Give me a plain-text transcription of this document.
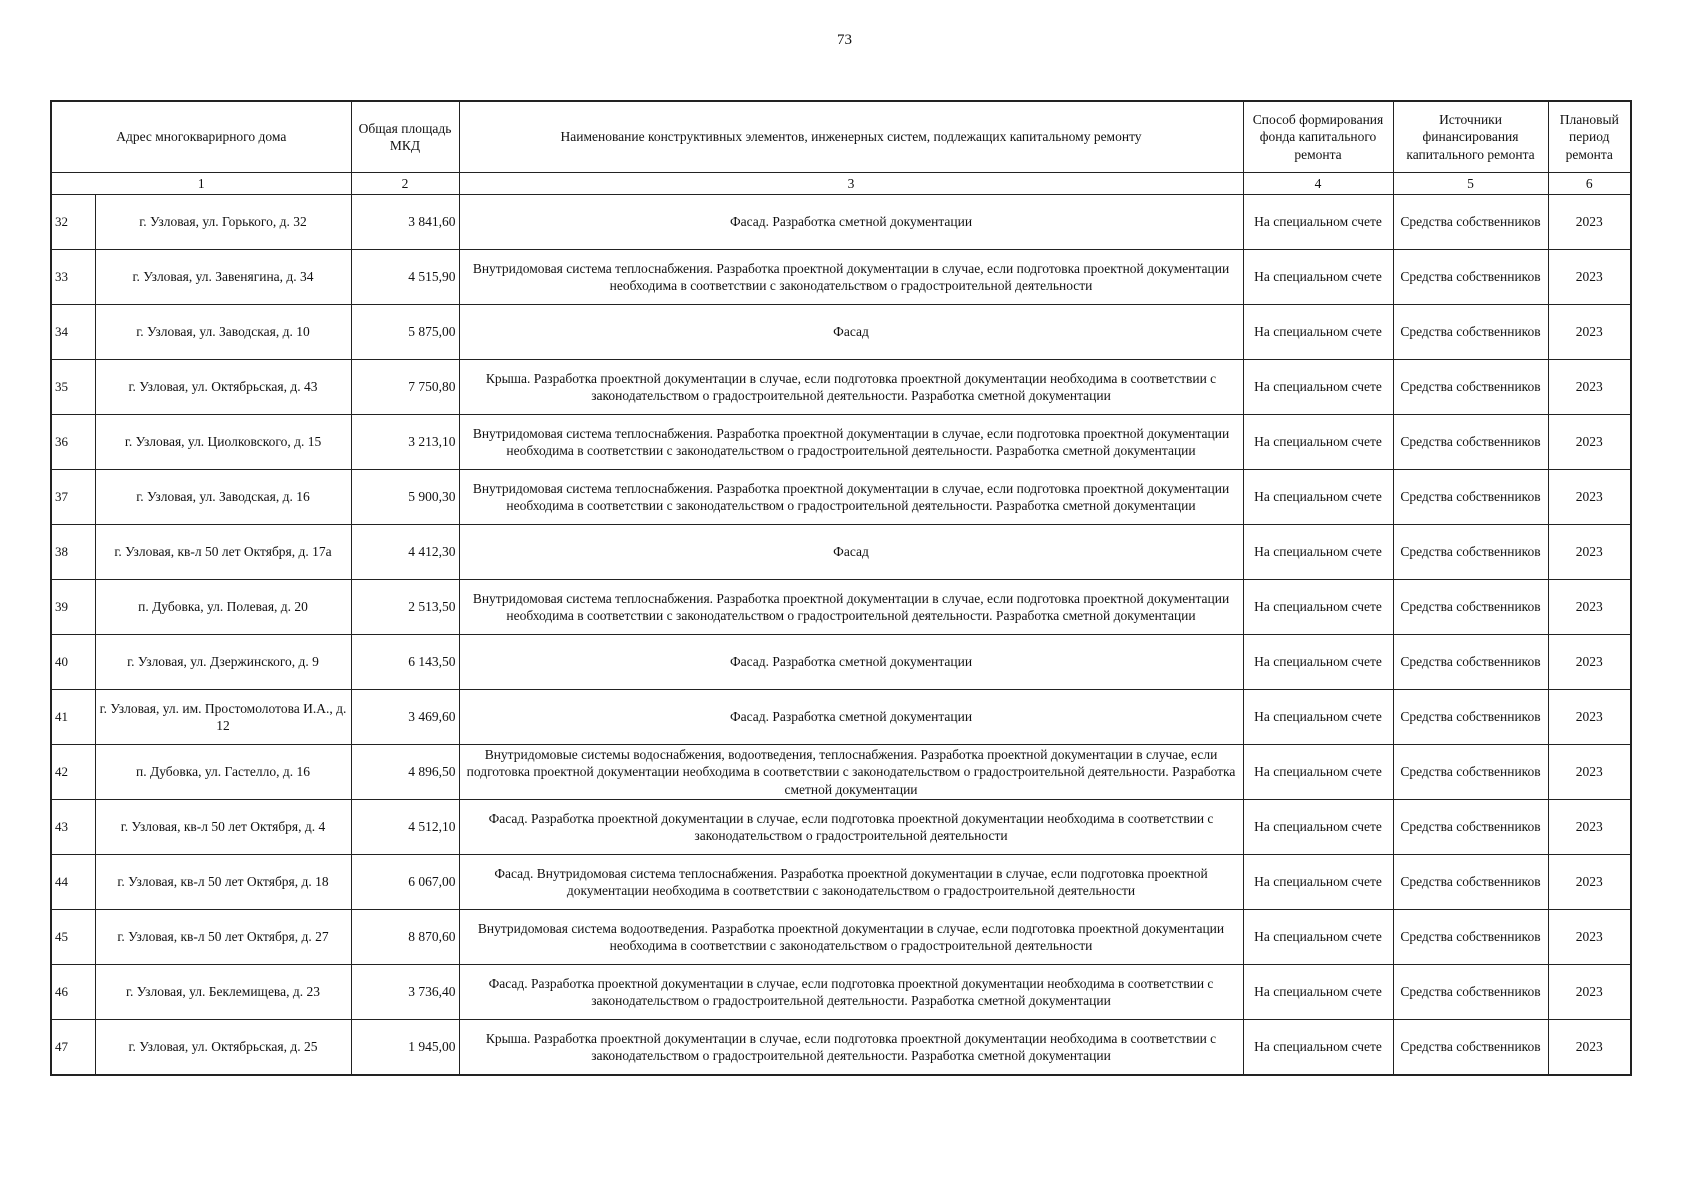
73
Адрес многокварирного дома		Общая площадь МКД	Наименование конструктивных элементов, инженерных систем, подлежащих капитальному ремонту	Способ формирования фонда капитального ремонта	Источники финансирования капитального ремонта	Плановый период ремонта
1		2	3	4	5	6
32	г. Узловая, ул. Горького, д. 32	3 841,60	Фасад. Разработка сметной документации	На специальном счете	Средства собственников	2023
33	г. Узловая, ул. Завенягина, д. 34	4 515,90	Внутридомовая система теплоснабжения. Разработка проектной документации в случае, если подготовка проектной документации необходима в соответствии с законодательством о градостроительной деятельности	На специальном счете	Средства собственников	2023
34	г. Узловая, ул. Заводская, д. 10	5 875,00	Фасад	На специальном счете	Средства собственников	2023
35	г. Узловая, ул. Октябрьская, д. 43	7 750,80	Крыша. Разработка проектной документации в случае, если подготовка проектной документации необходима в соответствии с законодательством о градостроительной деятельности. Разработка сметной документации	На специальном счете	Средства собственников	2023
36	г. Узловая, ул. Циолковского, д. 15	3 213,10	Внутридомовая система теплоснабжения. Разработка проектной документации в случае, если подготовка проектной документации необходима в соответствии с законодательством о градостроительной деятельности. Разработка сметной документации	На специальном счете	Средства собственников	2023
37	г. Узловая, ул. Заводская, д. 16	5 900,30	Внутридомовая система теплоснабжения. Разработка проектной документации в случае, если подготовка проектной документации необходима в соответствии с законодательством о градостроительной деятельности. Разработка сметной документации	На специальном счете	Средства собственников	2023
38	г. Узловая, кв-л 50 лет Октября, д. 17а	4 412,30	Фасад	На специальном счете	Средства собственников	2023
39	п. Дубовка, ул. Полевая, д. 20	2 513,50	Внутридомовая система теплоснабжения. Разработка проектной документации в случае, если подготовка проектной документации необходима в соответствии с законодательством о градостроительной деятельности. Разработка сметной документации	На специальном счете	Средства собственников	2023
40	г. Узловая, ул. Дзержинского, д. 9	6 143,50	Фасад. Разработка сметной документации	На специальном счете	Средства собственников	2023
41	г. Узловая, ул. им. Простомолотова И.А., д. 12	3 469,60	Фасад. Разработка сметной документации	На специальном счете	Средства собственников	2023
42	п. Дубовка, ул. Гастелло, д. 16	4 896,50	Внутридомовые системы водоснабжения, водоотведения, теплоснабжения. Разработка проектной документации в случае, если подготовка проектной документации необходима в соответствии с законодательством о градостроительной деятельности. Разработка сметной документации	На специальном счете	Средства собственников	2023
43	г. Узловая, кв-л 50 лет Октября, д. 4	4 512,10	Фасад. Разработка проектной документации в случае, если подготовка проектной документации необходима в соответствии с законодательством о градостроительной деятельности	На специальном счете	Средства собственников	2023
44	г. Узловая, кв-л 50 лет Октября, д. 18	6 067,00	Фасад. Внутридомовая система теплоснабжения. Разработка проектной документации в случае, если подготовка проектной документации необходима в соответствии с законодательством о градостроительной деятельности	На специальном счете	Средства собственников	2023
45	г. Узловая, кв-л 50 лет Октября, д. 27	8 870,60	Внутридомовая система водоотведения. Разработка проектной документации в случае, если подготовка проектной документации необходима в соответствии с законодательством о градостроительной деятельности	На специальном счете	Средства собственников	2023
46	г. Узловая, ул. Беклемищева, д. 23	3 736,40	Фасад. Разработка проектной документации в случае, если подготовка проектной документации необходима в соответствии с законодательством о градостроительной деятельности. Разработка сметной документации	На специальном счете	Средства собственников	2023
47	г. Узловая, ул. Октябрьская, д. 25	1 945,00	Крыша. Разработка проектной документации в случае, если подготовка проектной документации необходима в соответствии с законодательством о градостроительной деятельности. Разработка сметной документации	На специальном счете	Средства собственников	2023
